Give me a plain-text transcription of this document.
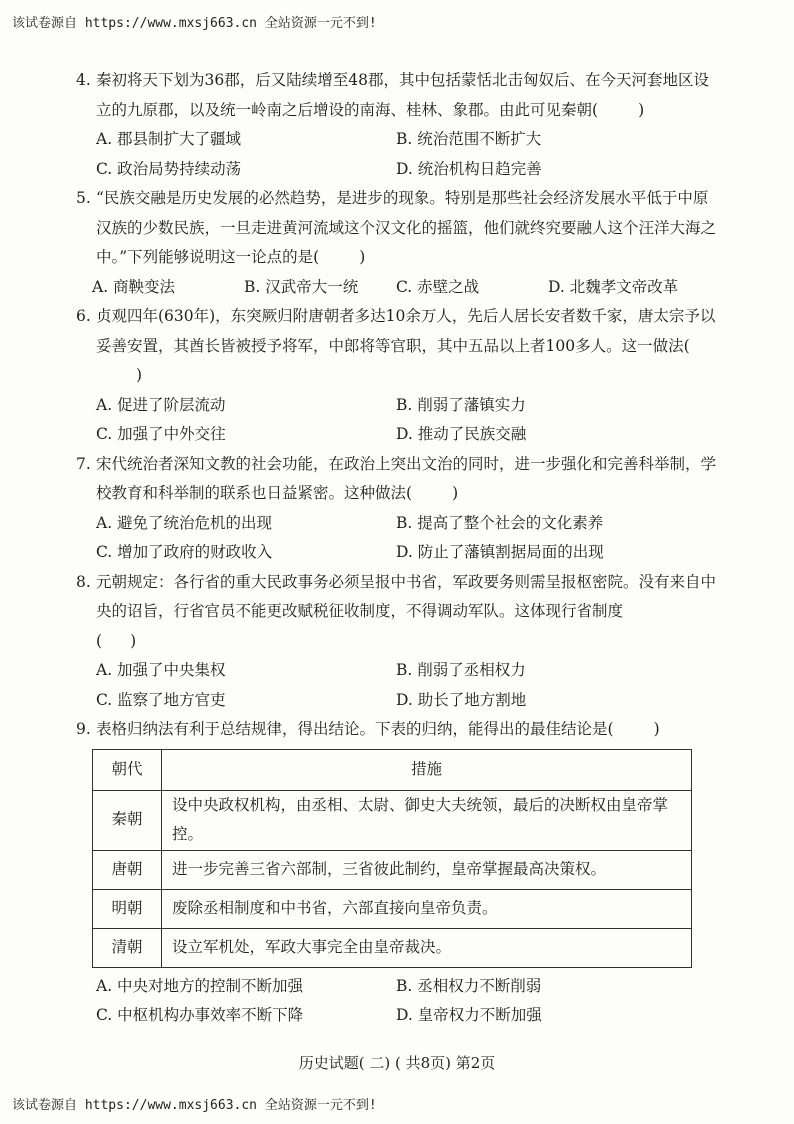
该试卷源自 https://www.mxsj663.cn 全站资源一元不到!

4. 秦初将天下划为36郡，后又陆续增至48郡，其中包括蒙恬北击匈奴后、在今天河套地区设立的九原郡，以及统一岭南之后增设的南海、桂林、象郡。由此可见秦朝(	)

A. 郡县制扩大了疆域	B. 统治范围不断扩大
C. 政治局势持续动荡	D. 统治机构日趋完善

5. “民族交融是历史发展的必然趋势，是进步的现象。特别是那些社会经济发展水平低于中原汉族的少数民族，一旦走进黄河流域这个汉文化的摇篮，他们就终究要融人这个汪洋大海之中。”下列能够说明这一论点的是(	)

A. 商鞅变法	B. 汉武帝大一统	C. 赤壁之战	D. 北魏孝文帝改革

6. 贞观四年(630年)，东突厥归附唐朝者多达10余万人，先后人居长安者数千家，唐太宗予以妥善安置，其酋长皆被授予将军，中郎将等官职，其中五品以上者100多人。这一做法()

A. 促进了阶层流动	B. 削弱了藩镇实力
C. 加强了中外交往	D. 推动了民族交融

7. 宋代统治者深知文教的社会功能，在政治上突出文治的同时，进一步强化和完善科举制，学校教育和科举制的联系也日益紧密。这种做法(	)

A. 避免了统治危机的出现	B. 提高了整个社会的文化素养
C. 增加了政府的财政收入	D. 防止了藩镇割据局面的出现

8. 元朝规定：各行省的重大民政事务必须呈报中书省，军政要务则需呈报枢密院。没有来自中央的诏旨，行省官员不能更改赋税征收制度，不得调动军队。这体现行省制度
( )

A. 加强了中央集权	B. 削弱了丞相权力
C. 监察了地方官吏	D. 助长了地方割地

9. 表格归纳法有利于总结规律，得出结论。下表的归纳，能得出的最佳结论是(	)

朝代	措施
秦朝	设中央政权机构，由丞相、太尉、御史大夫统领，最后的决断权由皇帝掌控。
唐朝	进一步完善三省六部制，三省彼此制约，皇帝掌握最高决策权。
明朝	废除丞相制度和中书省，六部直接向皇帝负责。
清朝	设立军机处，军政大事完全由皇帝裁决。
A. 中央对地方的控制不断加强	B. 丞相权力不断削弱
C. 中枢机构办事效率不断下降	D. 皇帝权力不断加强
历史试题( 二) ( 共8页) 第2页
该试卷源自 https://www.mxsj663.cn 全站资源一元不到!
